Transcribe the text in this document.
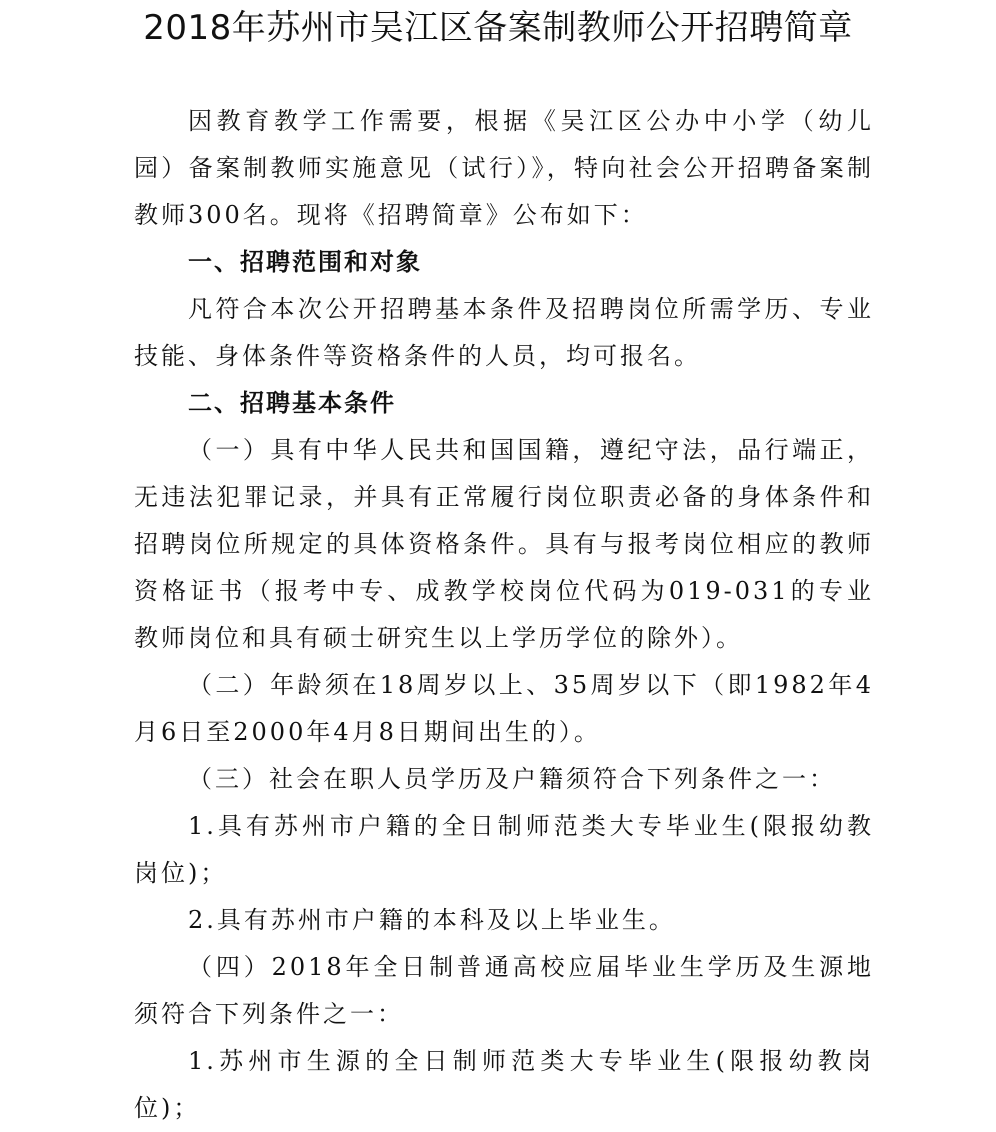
2018年苏州市吴江区备案制教师公开招聘简章

因教育教学工作需要，根据《吴江区公办中小学（幼儿园）备案制教师实施意见（试行）》，特向社会公开招聘备案制教师300名。现将《招聘简章》公布如下：

一、招聘范围和对象

凡符合本次公开招聘基本条件及招聘岗位所需学历、专业技能、身体条件等资格条件的人员，均可报名。

二、招聘基本条件

（一）具有中华人民共和国国籍，遵纪守法，品行端正，无违法犯罪记录，并具有正常履行岗位职责必备的身体条件和招聘岗位所规定的具体资格条件。具有与报考岗位相应的教师资格证书（报考中专、成教学校岗位代码为019-031的专业教师岗位和具有硕士研究生以上学历学位的除外）。

（二）年龄须在18周岁以上、35周岁以下（即1982年4月6日至2000年4月8日期间出生的）。

（三）社会在职人员学历及户籍须符合下列条件之一：

1.具有苏州市户籍的全日制师范类大专毕业生(限报幼教岗位)；

2.具有苏州市户籍的本科及以上毕业生。

（四）2018年全日制普通高校应届毕业生学历及生源地须符合下列条件之一：

1.苏州市生源的全日制师范类大专毕业生(限报幼教岗位)；
